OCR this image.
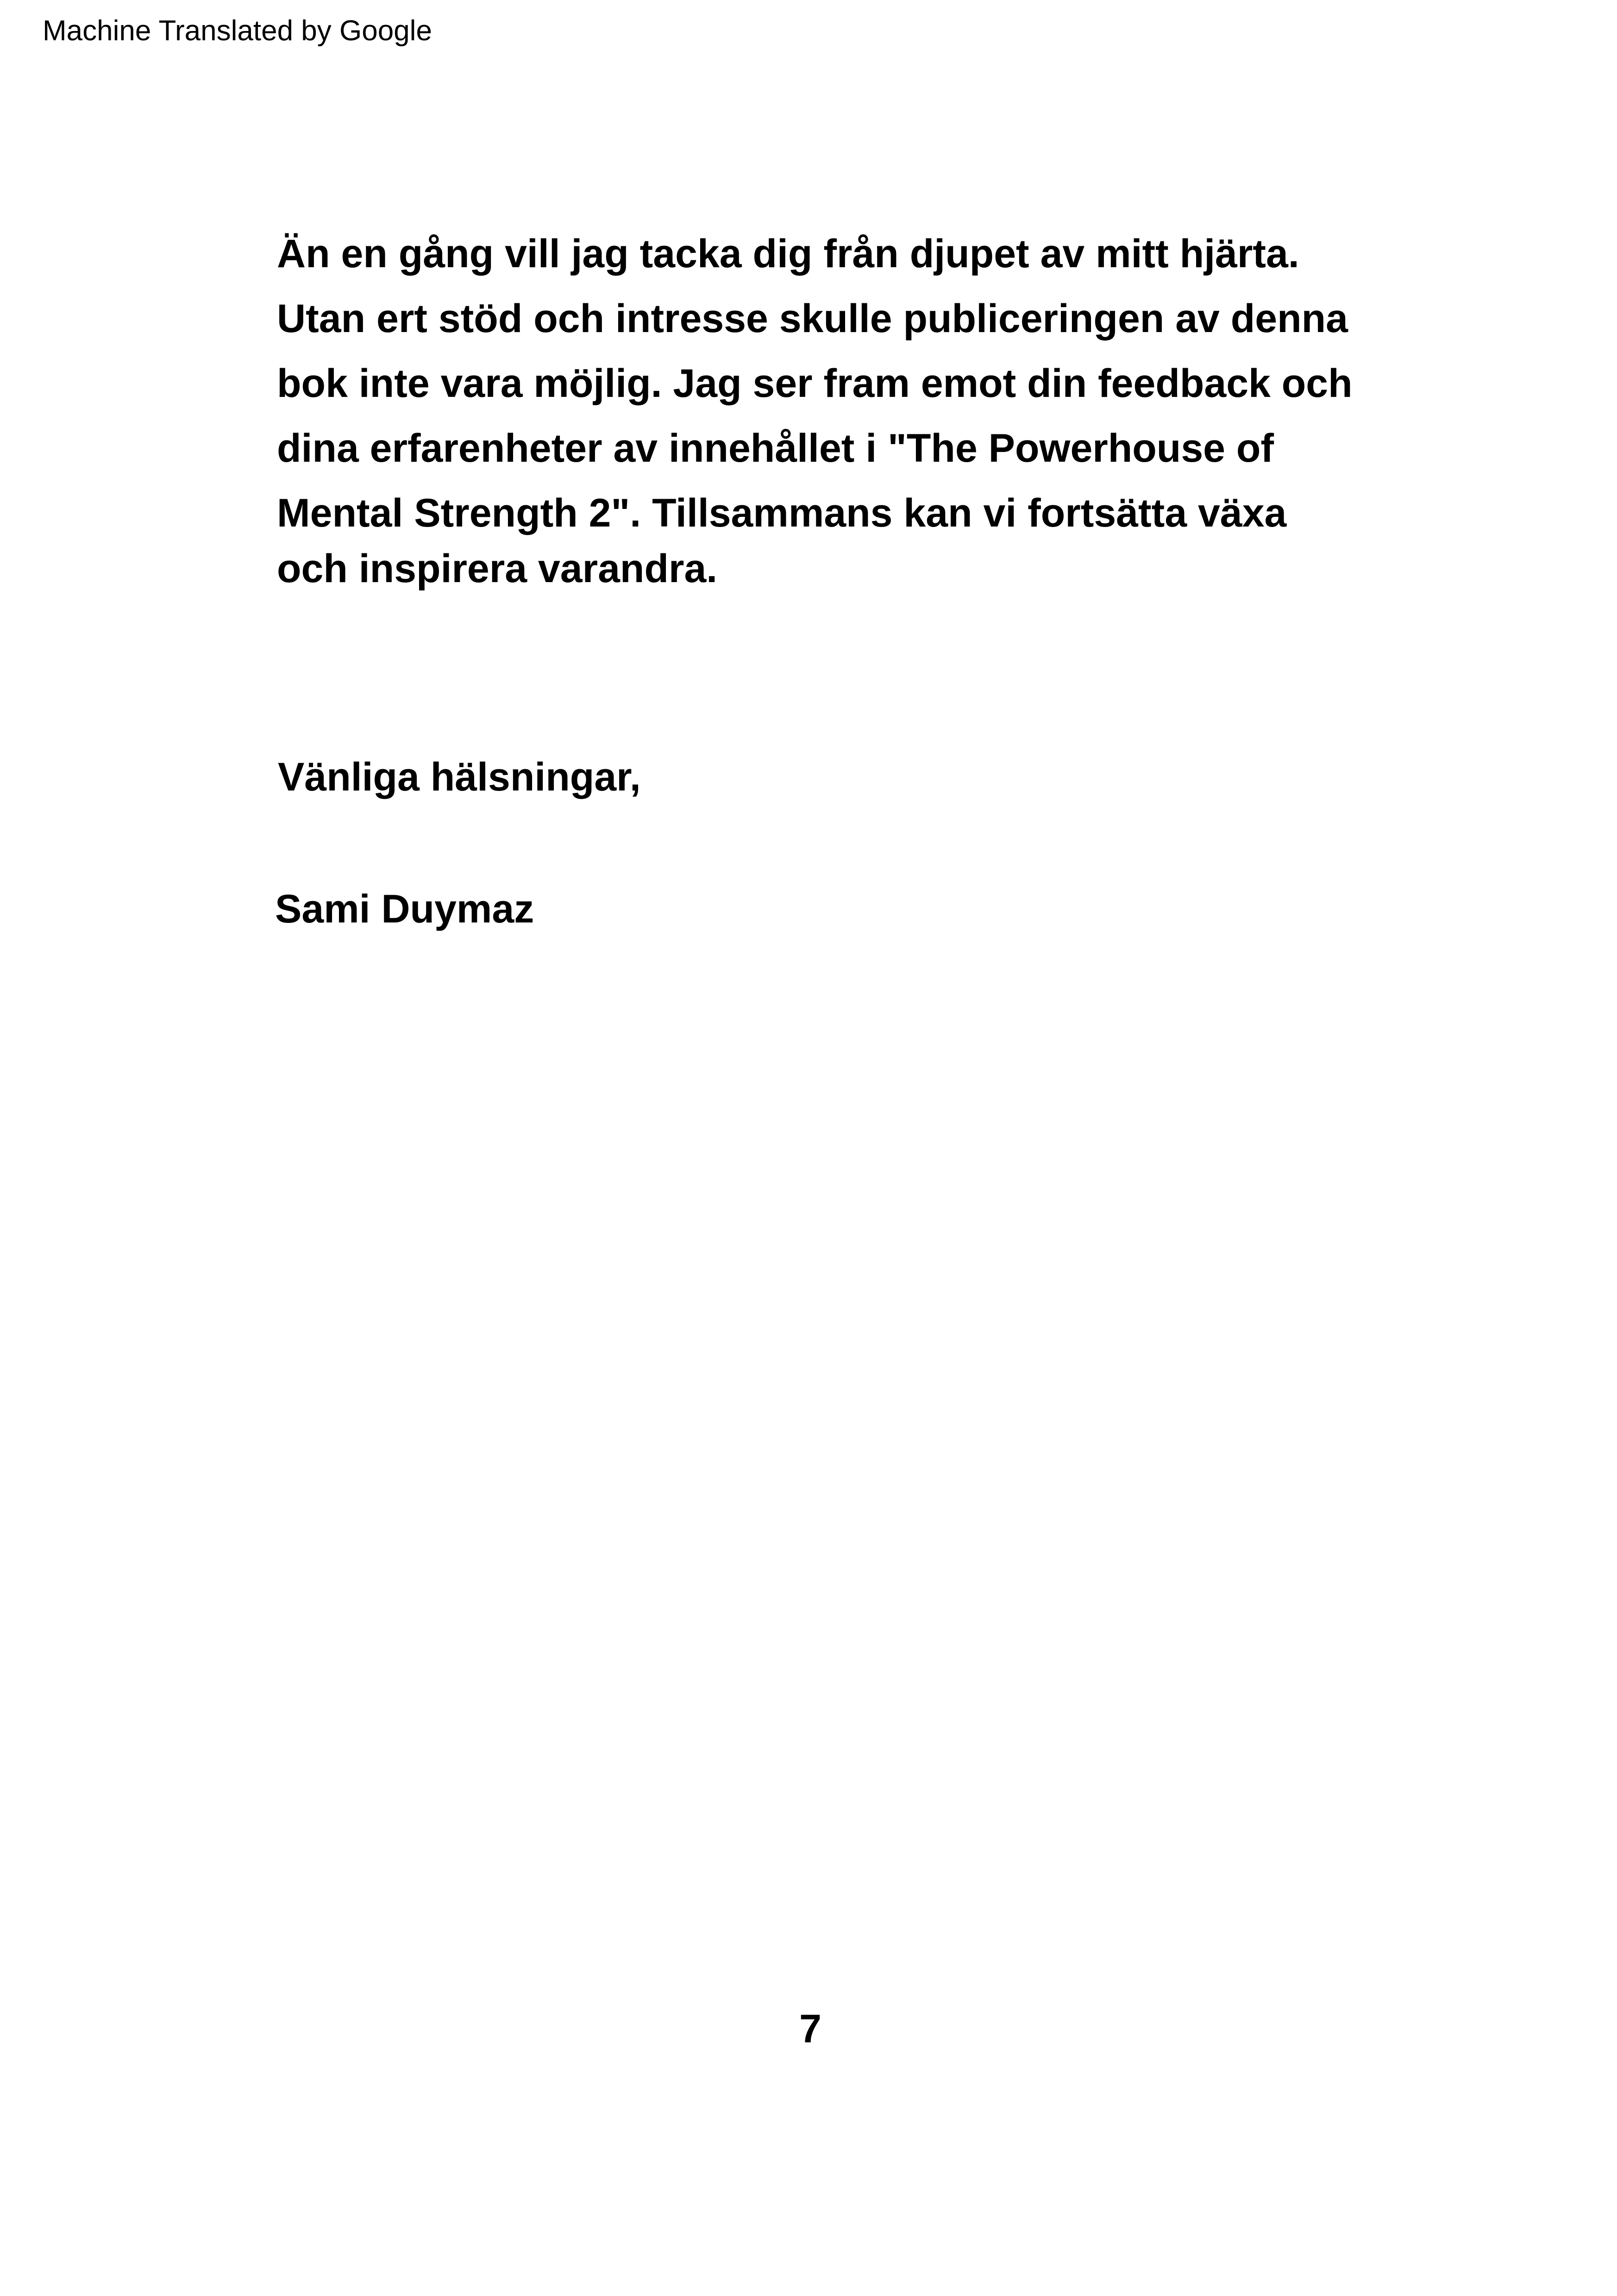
Machine Translated by Google
Än en gång vill jag tacka dig från djupet av mitt hjärta.
Utan ert stöd och intresse skulle publiceringen av denna
bok inte vara möjlig. Jag ser fram emot din feedback och
dina erfarenheter av innehållet i "The Powerhouse of
Mental Strength 2". Tillsammans kan vi fortsätta växa
och inspirera varandra.
Vänliga hälsningar,
Sami Duymaz
7
